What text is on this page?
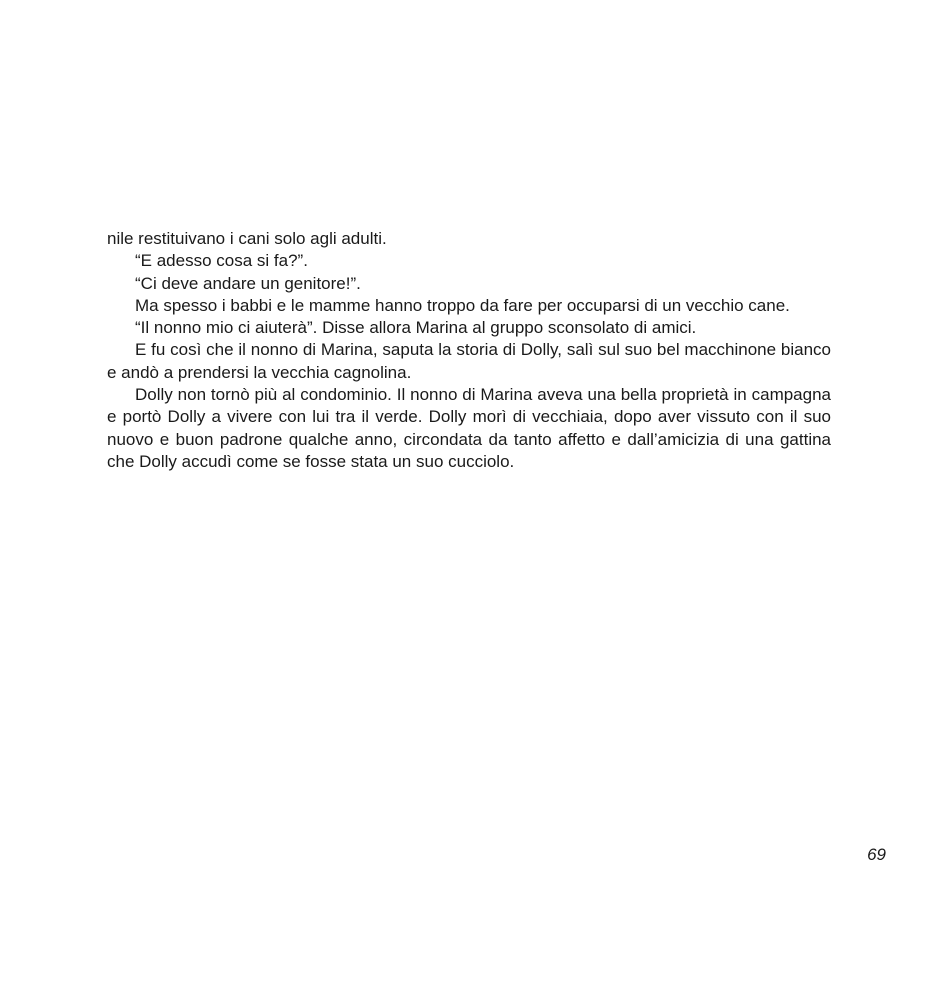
nile restituivano i cani solo agli adulti.

“E adesso cosa si fa?”.

“Ci deve andare un genitore!”.

Ma spesso i babbi e le mamme hanno troppo da fare per occuparsi di un vecchio cane.

“Il nonno mio ci aiuterà”. Disse allora Marina al gruppo sconsolato di amici.

E fu così che il nonno di Marina, saputa la storia di Dolly, salì sul suo bel macchinone bianco e andò a prendersi la vecchia cagnolina.

Dolly non tornò più al condominio. Il nonno di Marina aveva una bella proprietà in campagna e portò Dolly a vivere con lui tra il verde. Dolly morì di vecchiaia, dopo aver vissuto con il suo nuovo e buon padrone qualche anno, circondata da tanto affetto e dall’amicizia di una gattina che Dolly accudì come se fosse stata un suo cucciolo.

69
